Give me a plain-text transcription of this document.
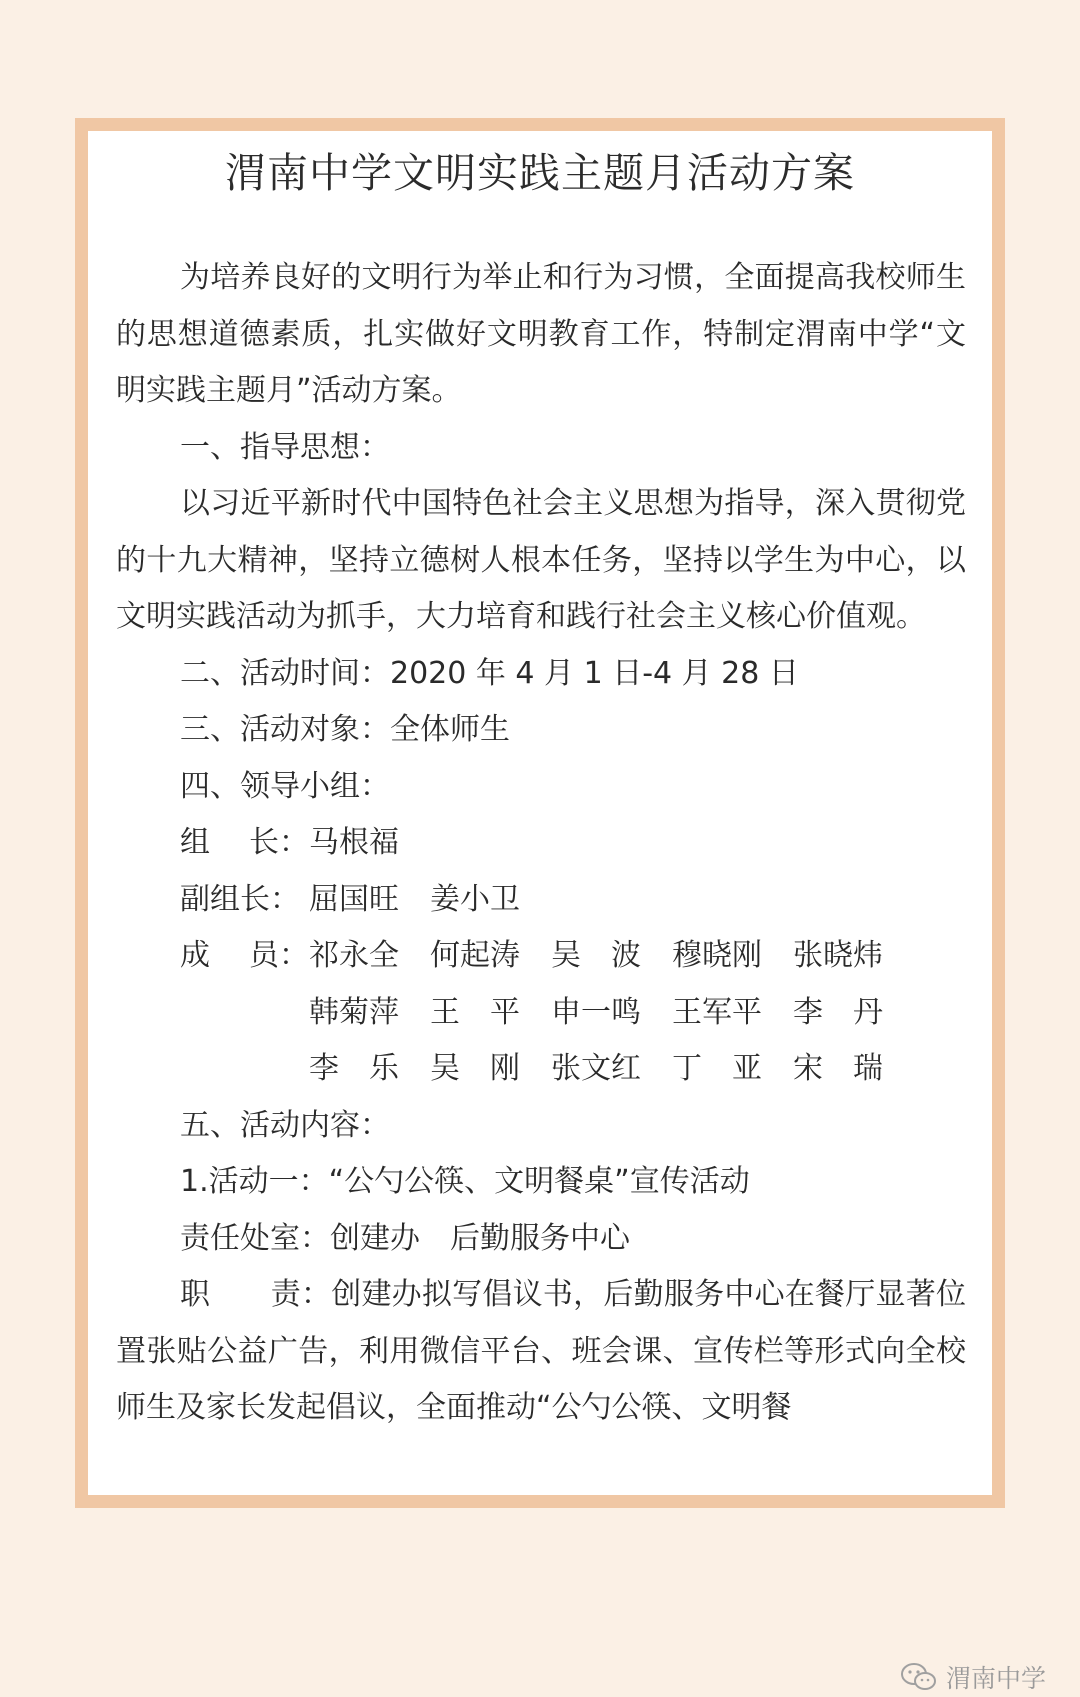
渭南中学文明实践主题月活动方案
为培养良好的文明行为举止和行为习惯，全面提高我校师生的思想道德素质，扎实做好文明教育工作，特制定渭南中学“文明实践主题月”活动方案。
一、指导思想：
以习近平新时代中国特色社会主义思想为指导，深入贯彻党的十九大精神，坚持立德树人根本任务，坚持以学生为中心，以文明实践活动为抓手，大力培育和践行社会主义核心价值观。
二、活动时间：2020 年 4 月 1 日-4 月 28 日
三、活动对象：全体师生
四、领导小组：
组 长： 马根福
副组长： 屈国旺	姜小卫
成 员： 祁 永 全 何 起 涛 吴 波 穆 晓 刚 张 晓 炜
韩 菊 萍 王 平 申 一 鸣 王 军 平 李 丹
李 乐 吴 刚 张 文 红 丁 亚 宋 瑞
五、活动内容：
1.活动一：“公勺公筷、文明餐桌”宣传活动
责任处室：创建办　后勤服务中心
职　　责：创建办拟写倡议书，后勤服务中心在餐厅显著位置张贴公益广告，利用微信平台、班会课、宣传栏等形式向全校师生及家长发起倡议，全面推动“公勺公筷、文明餐
渭南中学
